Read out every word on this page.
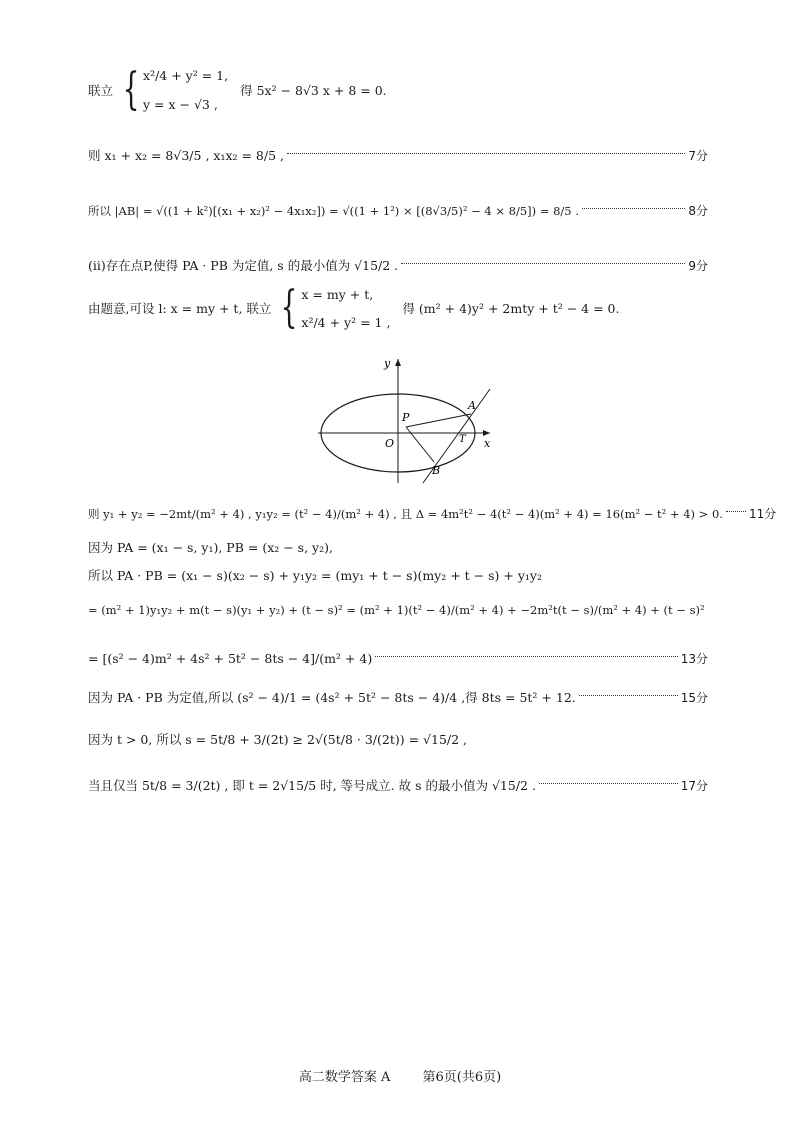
联立 { x²/4 + y² = 1,
y = x − √3 ,
得 5x² − 8√3 x + 8 = 0.
则 x₁ + x₂ = 8√3/5 , x₁x₂ = 8/5 ,	7分
所以 |AB| = √((1 + k²)[(x₁ + x₂)² − 4x₁x₂]) = √((1 + 1²) × [(8√3/5)² − 4 × 8/5]) = 8/5 .	8分
(ii)存在点P,使得 PA · PB 为定值, s 的最小值为 √15/2 .	9分
由题意,可设 l: x = my + t, 联立 { x = my + t,
x²/4 + y² = 1 ,
得 (m² + 4)y² + 2mty + t² − 4 = 0.
y
x
O
P
A
B
T
则 y₁ + y₂ = −2mt/(m² + 4) , y₁y₂ = (t² − 4)/(m² + 4) , 且 Δ = 4m²t² − 4(t² − 4)(m² + 4) = 16(m² − t² + 4) > 0. 11分
因为 PA = (x₁ − s, y₁), PB = (x₂ − s, y₂),
所以 PA · PB = (x₁ − s)(x₂ − s) + y₁y₂ = (my₁ + t − s)(my₂ + t − s) + y₁y₂
= (m² + 1)y₁y₂ + m(t − s)(y₁ + y₂) + (t − s)² = (m² + 1)(t² − 4)/(m² + 4) + −2m²t(t − s)/(m² + 4) + (t − s)²
= [(s² − 4)m² + 4s² + 5t² − 8ts − 4]/(m² + 4)	13分
因为 PA · PB 为定值,所以 (s² − 4)/1 = (4s² + 5t² − 8ts − 4)/4 ,得 8ts = 5t² + 12.	15分
因为 t > 0, 所以 s = 5t/8 + 3/(2t) ≥ 2√(5t/8 · 3/(2t)) = √15/2 ,
当且仅当 5t/8 = 3/(2t) , 即 t = 2√15/5 时, 等号成立. 故 s 的最小值为 √15/2 .	17分
高二数学答案 A 第6页(共6页)
